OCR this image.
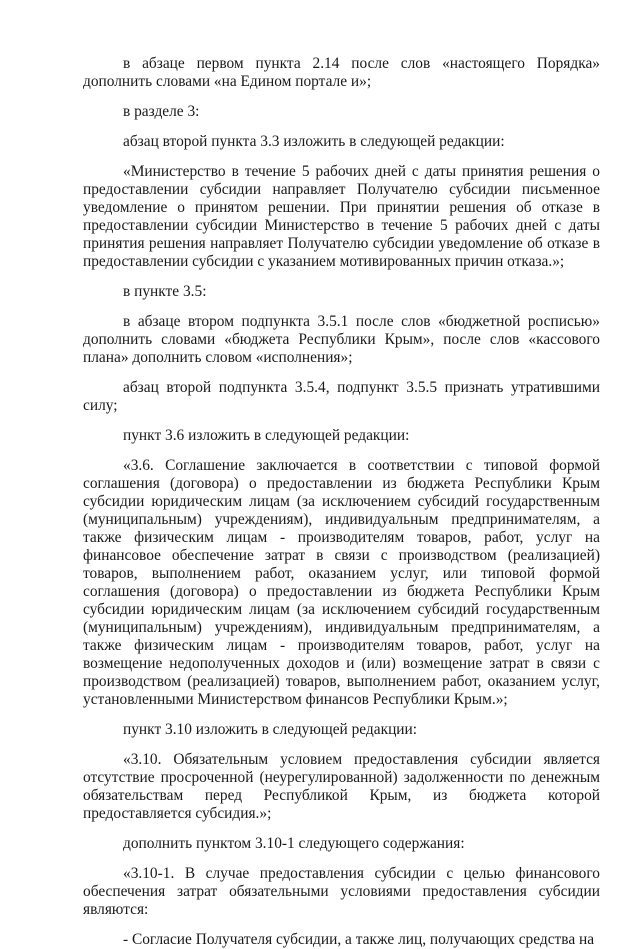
в абзаце первом пункта 2.14 после слов «настоящего Порядка» дополнить словами «на Едином портале и»;

в разделе 3:

абзац второй пункта 3.3 изложить в следующей редакции:

«Министерство в течение 5 рабочих дней с даты принятия решения о предоставлении субсидии направляет Получателю субсидии письменное уведомление о принятом решении. При принятии решения об отказе в предоставлении субсидии Министерство в течение 5 рабочих дней с даты принятия решения направляет Получателю субсидии уведомление об отказе в предоставлении субсидии с указанием мотивированных причин отказа.»;

в пункте 3.5:

в абзаце втором подпункта 3.5.1 после слов «бюджетной росписью» дополнить словами «бюджета Республики Крым», после слов «кассового плана» дополнить словом «исполнения»;

абзац второй подпункта 3.5.4, подпункт 3.5.5 признать утратившими силу;

пункт 3.6 изложить в следующей редакции:

«3.6. Соглашение заключается в соответствии с типовой формой соглашения (договора) о предоставлении из бюджета Республики Крым субсидии юридическим лицам (за исключением субсидий государственным (муниципальным) учреждениям), индивидуальным предпринимателям, а также физическим лицам - производителям товаров, работ, услуг на финансовое обеспечение затрат в связи с производством (реализацией) товаров, выполнением работ, оказанием услуг, или типовой формой соглашения (договора) о предоставлении из бюджета Республики Крым субсидии юридическим лицам (за исключением субсидий государственным (муниципальным) учреждениям), индивидуальным предпринимателям, а также физическим лицам - производителям товаров, работ, услуг на возмещение недополученных доходов и (или) возмещение затрат в связи с производством (реализацией) товаров, выполнением работ, оказанием услуг, установленными Министерством финансов Республики Крым.»;

пункт 3.10 изложить в следующей редакции:

«3.10. Обязательным условием предоставления субсидии является отсутствие просроченной (неурегулированной) задолженности по денежным обязательствам перед Республикой Крым, из бюджета которой предоставляется субсидия.»;

дополнить пунктом 3.10-1 следующего содержания:

«3.10-1. В случае предоставления субсидии с целью финансового обеспечения затрат обязательными условиями предоставления субсидии являются:

- Согласие Получателя субсидии, а также лиц, получающих средства на
